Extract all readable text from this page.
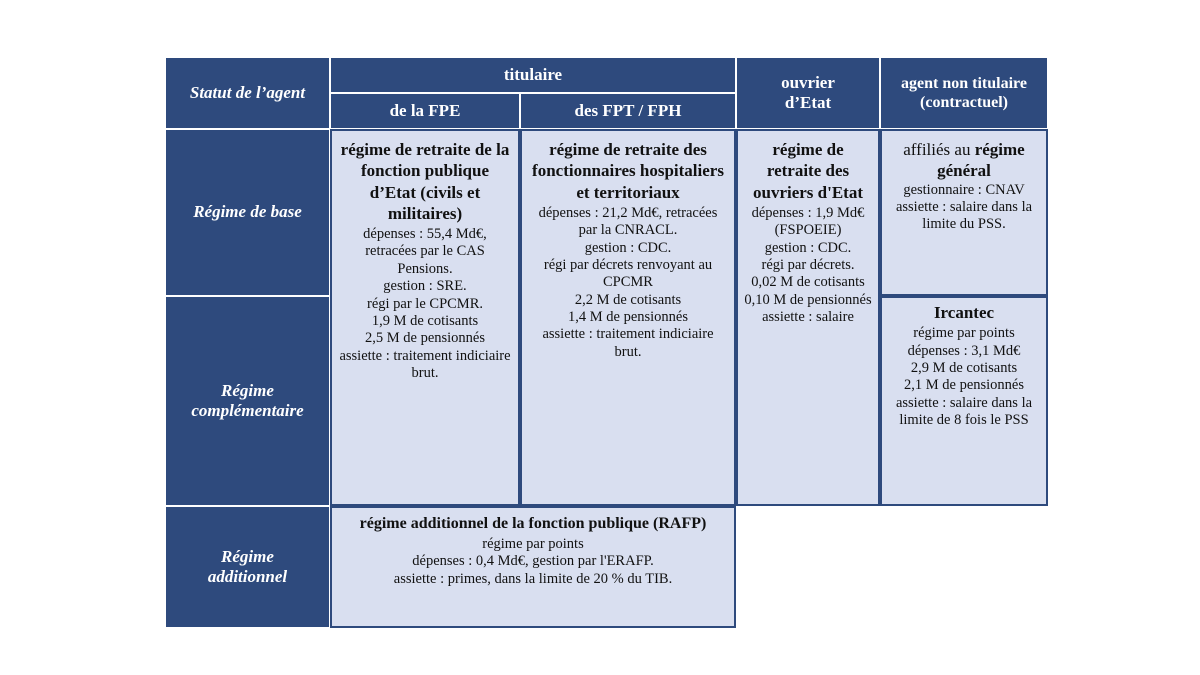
Statut de l’agent
titulaire
de la FPE	des FPT / FPH
ouvrier d’Etat
agent non titulaire (contractuel)
Régime de base
Régime complémentaire
Régime additionnel
régime de retraite de la fonction publique d’Etat (civils et militaires)
dépenses : 55,4 Md€, retracées par le CAS Pensions.
gestion : SRE.
régi par le CPCMR.
1,9 M de cotisants
2,5 M de pensionnés
assiette : traitement indiciaire brut.
régime de retraite des fonctionnaires hospitaliers et territoriaux
dépenses : 21,2 Md€, retracées par la CNRACL.
gestion : CDC.
régi par décrets renvoyant au CPCMR
2,2 M de cotisants
1,4 M de pensionnés
assiette : traitement indiciaire brut.
régime de retraite des ouvriers d'Etat
dépenses : 1,9 Md€ (FSPOEIE)
gestion : CDC.
régi par décrets.
0,02 M de cotisants
0,10 M de pensionnés
assiette : salaire
affiliés au régime général
gestionnaire : CNAV
assiette : salaire dans la limite du PSS.
Ircantec
régime par points
dépenses : 3,1 Md€
2,9 M de cotisants
2,1 M de pensionnés
assiette : salaire dans la limite de 8 fois le PSS
régime additionnel de la fonction publique (RAFP)
régime par points
dépenses : 0,4 Md€, gestion par l'ERAFP.
assiette : primes, dans la limite de 20 % du TIB.
